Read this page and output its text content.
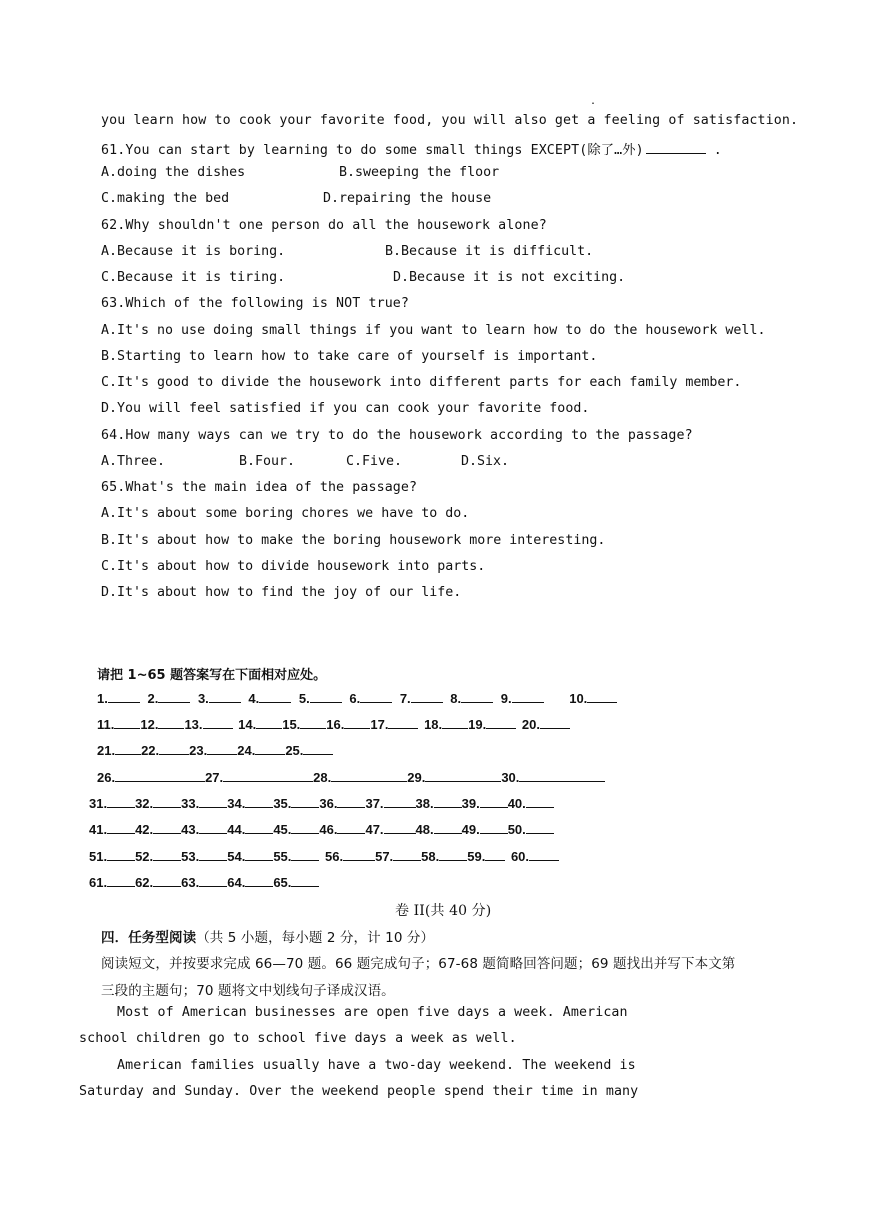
.
you learn how to cook your favorite food, you will also get a feeling of satisfaction.
61.You can start by learning to do some small things EXCEPT(除了…外)	.
A.doing the dishes	B.sweeping the floor
C.making the bed	D.repairing the house
62.Why shouldn't one person do all the housework alone?
A.Because it is boring.	B.Because it is difficult.
C.Because it is tiring.	D.Because it is not exciting.
63.Which of the following is NOT true?
A.It's no use doing small things if you want to learn how to do the housework well.
B.Starting to learn how to take care of yourself is important.
C.It's good to divide the housework into different parts for each family member.
D.You will feel satisfied if you can cook your favorite food.
64.How many ways can we try to do the housework according to the passage?
A.Three.	B.Four.	C.Five.	D.Six.
65.What's the main idea of the passage?
A.It's about some boring chores we have to do.
B.It's about how to make the boring housework more interesting.
C.It's about how to divide housework into parts.
D.It's about how to find the joy of our life.
请把 1~65 题答案写在下面相对应处。
1.	2.	3.	4.	5.	6.	7.	8.	9.	10.
11. 12. 13.	14. 15. 16. 17.	18. 19.	20.
21. 22. 23. 24. 25.
26.	27.	28.	29.	30.
31. 32. 33. 34. 35. 36. 37. 38. 39. 40.
41. 42. 43. 44. 45. 46. 47. 48. 49. 50.
51. 52. 53. 54. 55.	56. 57. 58. 59. 60.
61. 62. 63. 64. 65.
卷 II(共 40 分)
四．任务型阅读（共 5 小题，每小题 2 分，计 10 分）
阅读短文，并按要求完成 66—70 题。66 题完成句子；67-68 题简略回答问题；69 题找出并写下本文第
三段的主题句；70 题将文中划线句子译成汉语。
Most of American businesses are open five days a week. American
school children go to school five days a week as well.
American families usually have a two-day weekend. The weekend is
Saturday and Sunday. Over the weekend people spend their time in many
